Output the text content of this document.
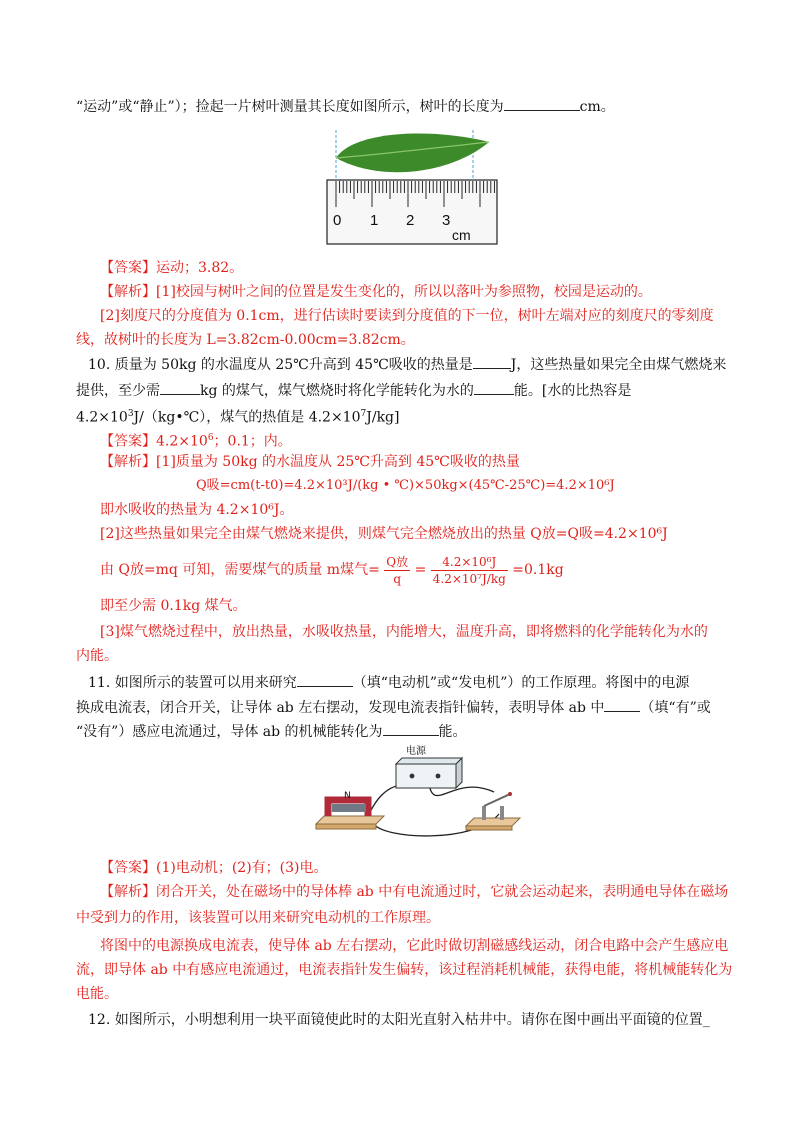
“运动”或“静止”）；捡起一片树叶测量其长度如图所示，树叶的长度为	cm。
0 1 2 3
cm
【答案】运动；3.82。
【解析】[1]校园与树叶之间的位置是发生变化的，所以以落叶为参照物，校园是运动的。
[2]刻度尺的分度值为 0.1cm，进行估读时要读到分度值的下一位，树叶左端对应的刻度尺的零刻度
线，故树叶的长度为 L=3.82cm-0.00cm=3.82cm。
10. 质量为 50kg 的水温度从 25℃升高到 45℃吸收的热量是	J，这些热量如果完全由煤气燃烧来
提供，至少需	kg 的煤气，煤气燃烧时将化学能转化为水的	能。[水的比热容是
$4.2\times 10^3J/(kg•℃)$，煤气的热值是 $4.2\times 10^7J/kg$]
【答案】$4.2\times 10^6$；0.1；内。
【解析】[1]质量为 50kg 的水温度从 25℃升高到 45℃吸收的热量
Q吸=cm(t-t0)=4.2×10³J/(kg • ℃)×50kg×(45℃-25℃)=4.2×10⁶J
即水吸收的热量为 4.2×10⁶J。
[2]这些热量如果完全由煤气燃烧来提供，则煤气完全燃烧放出的热量 Q放=Q吸=4.2×10⁶J
由 Q放=mq 可知，需要煤气的质量 m煤气= $\frac{\text{Q放}}{q} = \frac{\text{4.2×10⁶J}}{\text{4.2×10⁷J/kg}} =0.1kg$
即至少需 0.1kg 煤气。
[3]煤气燃烧过程中，放出热量，水吸收热量，内能增大，温度升高，即将燃料的化学能转化为水的
内能。
11. 如图所示的装置可以用来研究	（填“电动机”或“发电机”）的工作原理。将图中的电源
换成电流表，闭合开关，让导体 ab 左右摆动，发现电流表指针偏转，表明导体 ab 中	（填“有”或
“没有”）感应电流通过，导体 ab 的机械能转化为	能。
电源
N
【答案】(1)电动机；(2)有；(3)电。
【解析】闭合开关，处在磁场中的导体棒 ab 中有电流通过时，它就会运动起来，表明通电导体在磁场
中受到力的作用，该装置可以用来研究电动机的工作原理。
将图中的电源换成电流表，使导体 ab 左右摆动，它此时做切割磁感线运动，闭合电路中会产生感应电
流，即导体 ab 中有感应电流通过，电流表指针发生偏转，该过程消耗机械能，获得电能，将机械能转化为
电能。
12. 如图所示，小明想利用一块平面镜使此时的太阳光直射入枯井中。请你在图中画出平面镜的位置_
